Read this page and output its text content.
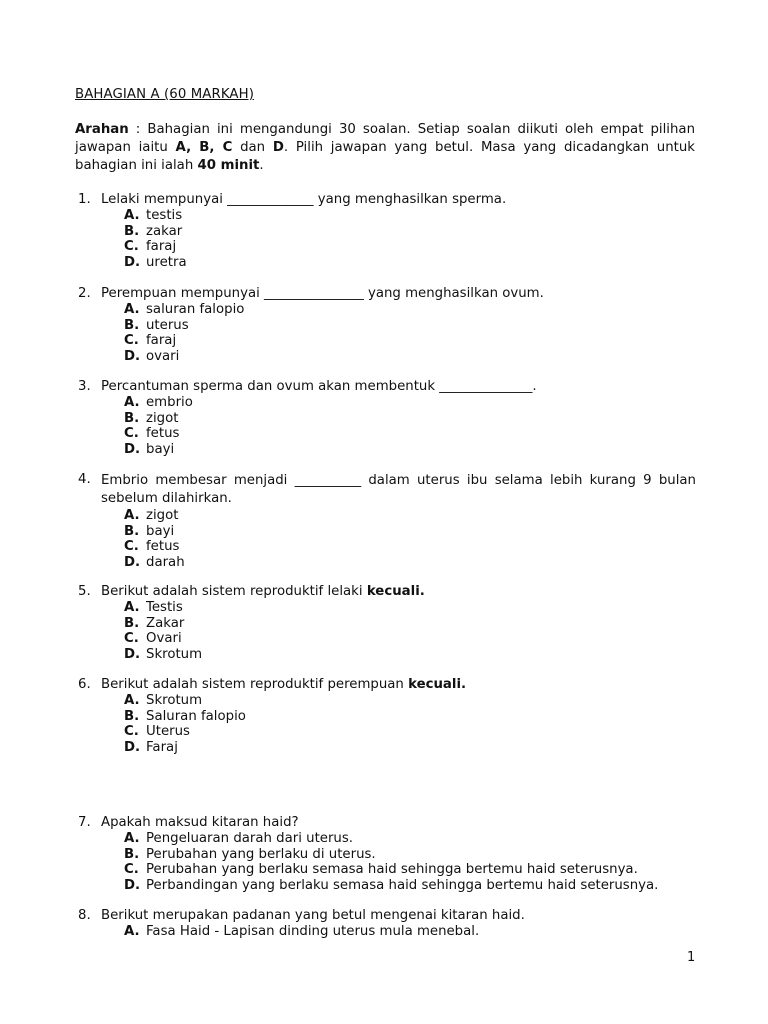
BAHAGIAN A (60 MARKAH)
Arahan : Bahagian ini mengandungi 30 soalan. Setiap soalan diikuti oleh empat pilihan jawapan iaitu A, B, C dan D. Pilih jawapan yang betul. Masa yang dicadangkan untuk bahagian ini ialah 40 minit.
1. Lelaki mempunyai _____________ yang menghasilkan sperma.
A. testis
B. zakar
C. faraj
D. uretra
2. Perempuan mempunyai _______________ yang menghasilkan ovum.
A. saluran falopio
B. uterus
C. faraj
D. ovari
3. Percantuman sperma dan ovum akan membentuk ______________.
A. embrio
B. zigot
C. fetus
D. bayi
4. Embrio membesar menjadi __________ dalam uterus ibu selama lebih kurang 9 bulan sebelum dilahirkan.
A. zigot
B. bayi
C. fetus
D. darah
5. Berikut adalah sistem reproduktif lelaki kecuali.
A. Testis
B. Zakar
C. Ovari
D. Skrotum
6. Berikut adalah sistem reproduktif perempuan kecuali.
A. Skrotum
B. Saluran falopio
C. Uterus
D. Faraj
7. Apakah maksud kitaran haid?
A. Pengeluaran darah dari uterus.
B. Perubahan yang berlaku di uterus.
C. Perubahan yang berlaku semasa haid sehingga bertemu haid seterusnya.
D. Perbandingan yang berlaku semasa haid sehingga bertemu haid seterusnya.
8. Berikut merupakan padanan yang betul mengenai kitaran haid.
A. Fasa Haid - Lapisan dinding uterus mula menebal.
1
